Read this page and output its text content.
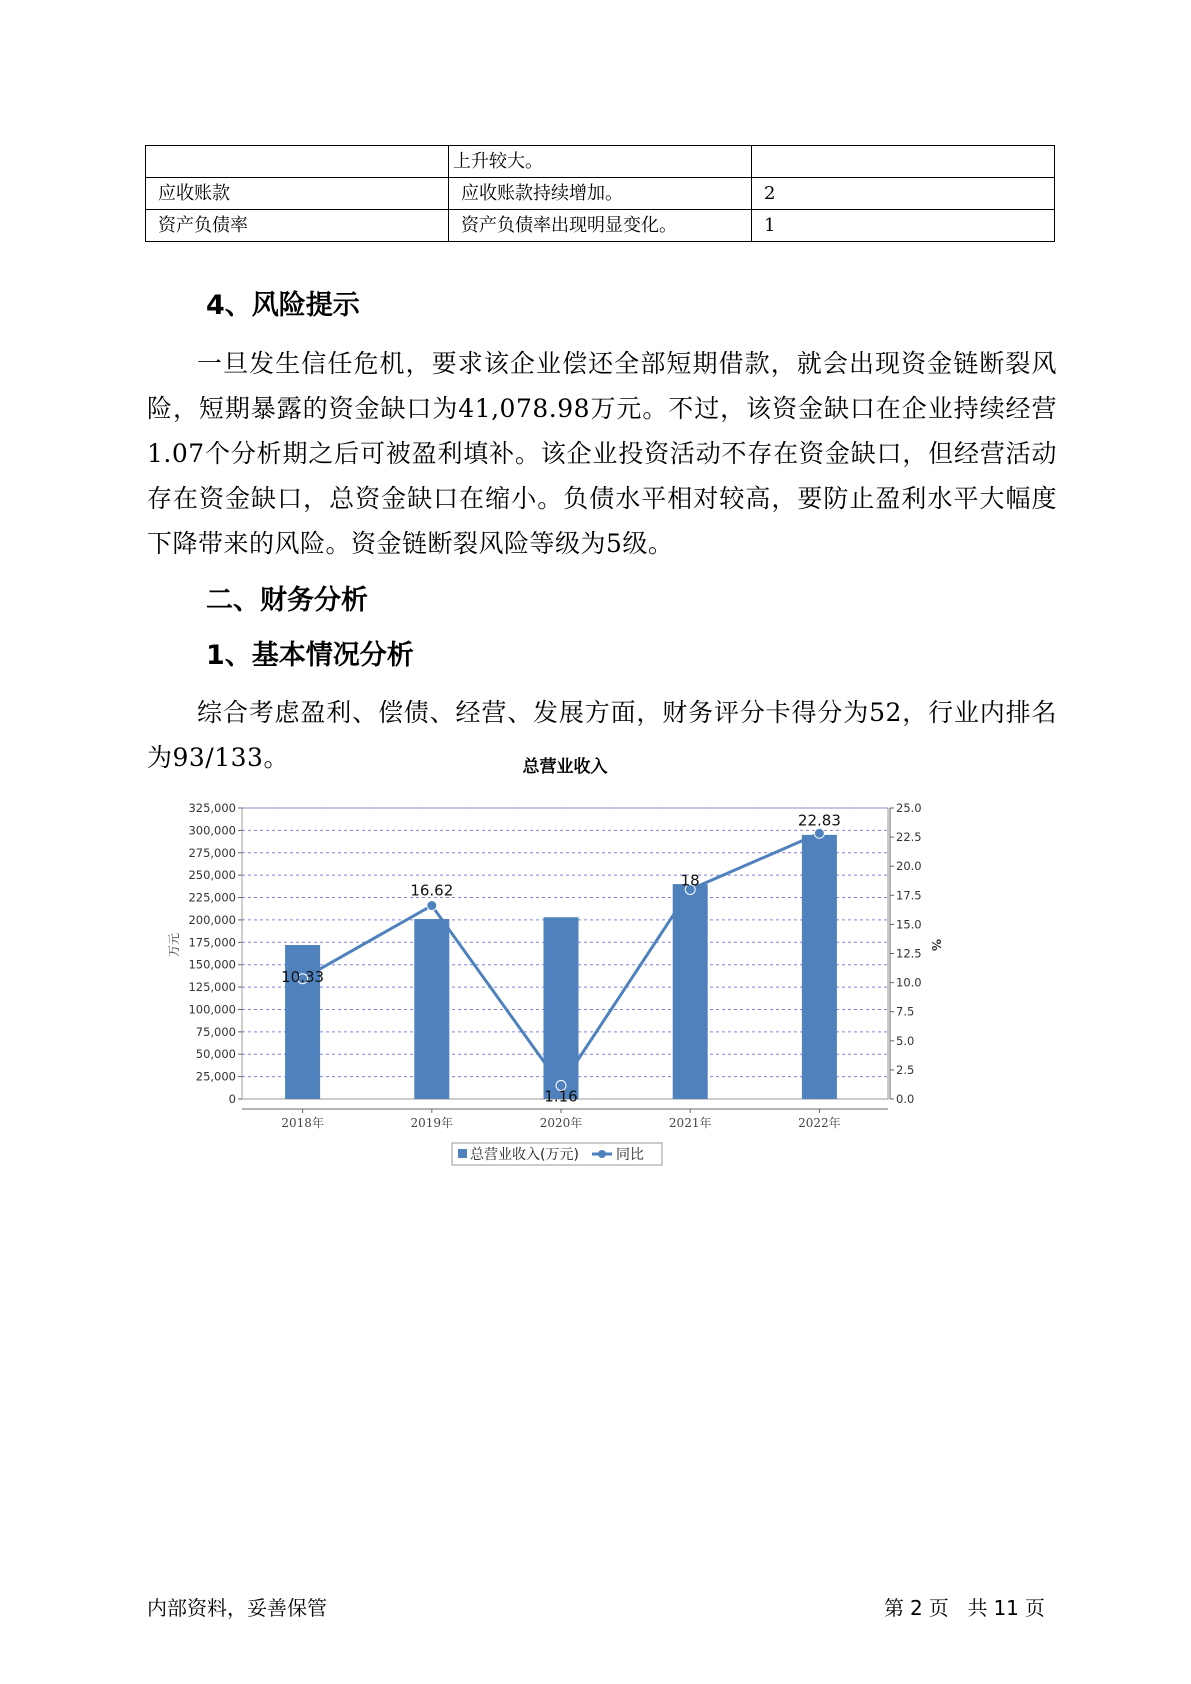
	上升较大。	
应收账款	应收账款持续增加。	2
资产负债率	资产负债率出现明显变化。	1
4、风险提示
一旦发生信任危机，要求该企业偿还全部短期借款，就会出现资金链断裂风险，短期暴露的资金缺口为41,078.98万元。不过，该资金缺口在企业持续经营 1.07个分析期之后可被盈利填补。该企业投资活动不存在资金缺口，但经营活动存在资金缺口，总资金缺口在缩小。负债水平相对较高，要防止盈利水平大幅度下降带来的风险。资金链断裂风险等级为5级。
二、财务分析
1、基本情况分析
综合考虑盈利、偿债、经营、发展方面，财务评分卡得分为52，行业内排名为93/133。	总营业收入
0
25,000
50,000
75,000
100,000
125,000
150,000
175,000
200,000
225,000
250,000
275,000
300,000
325,000
0.0
2.5
5.0
7.5
10.0
12.5
15.0
17.5
20.0
22.5
25.0
万元	%
2018年	2019年	2020年	2021年	2022年
10.33
16.62
1.16
18
22.83
总营业收入(万元)	同比
内部资料，妥善保管	第 2 页 共 11 页
